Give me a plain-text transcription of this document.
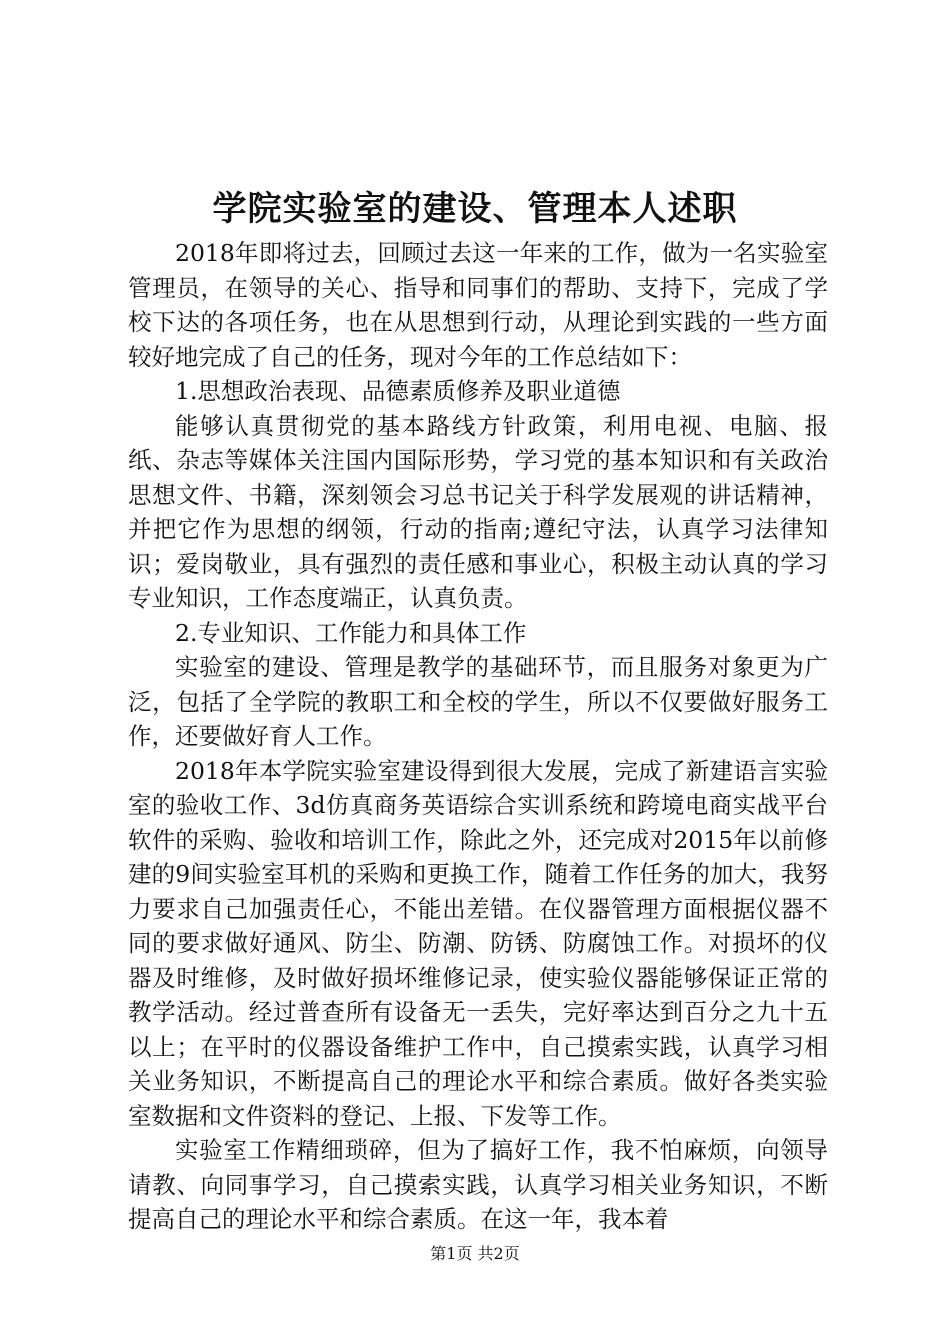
学院实验室的建设、管理本人述职

2018年即将过去，回顾过去这一年来的工作，做为一名实验室管理员，在领导的关心、指导和同事们的帮助、支持下，完成了学校下达的各项任务，也在从思想到行动，从理论到实践的一些方面较好地完成了自己的任务，现对今年的工作总结如下：

1.思想政治表现、品德素质修养及职业道德

能够认真贯彻党的基本路线方针政策，利用电视、电脑、报纸、杂志等媒体关注国内国际形势，学习党的基本知识和有关政治思想文件、书籍，深刻领会习总书记关于科学发展观的讲话精神，并把它作为思想的纲领，行动的指南;遵纪守法，认真学习法律知识；爱岗敬业，具有强烈的责任感和事业心，积极主动认真的学习专业知识，工作态度端正，认真负责。

2.专业知识、工作能力和具体工作

实验室的建设、管理是教学的基础环节，而且服务对象更为广泛，包括了全学院的教职工和全校的学生，所以不仅要做好服务工作，还要做好育人工作。

2018年本学院实验室建设得到很大发展，完成了新建语言实验室的验收工作、3d仿真商务英语综合实训系统和跨境电商实战平台软件的采购、验收和培训工作，除此之外，还完成对2015年以前修建的9间实验室耳机的采购和更换工作，随着工作任务的加大，我努力要求自己加强责任心，不能出差错。在仪器管理方面根据仪器不同的要求做好通风、防尘、防潮、防锈、防腐蚀工作。对损坏的仪器及时维修，及时做好损坏维修记录，使实验仪器能够保证正常的教学活动。经过普查所有设备无一丢失，完好率达到百分之九十五以上；在平时的仪器设备维护工作中，自己摸索实践，认真学习相关业务知识，不断提高自己的理论水平和综合素质。做好各类实验室数据和文件资料的登记、上报、下发等工作。

实验室工作精细琐碎，但为了搞好工作，我不怕麻烦，向领导请教、向同事学习，自己摸索实践，认真学习相关业务知识，不断提高自己的理论水平和综合素质。在这一年，我本着

第1页 共2页
